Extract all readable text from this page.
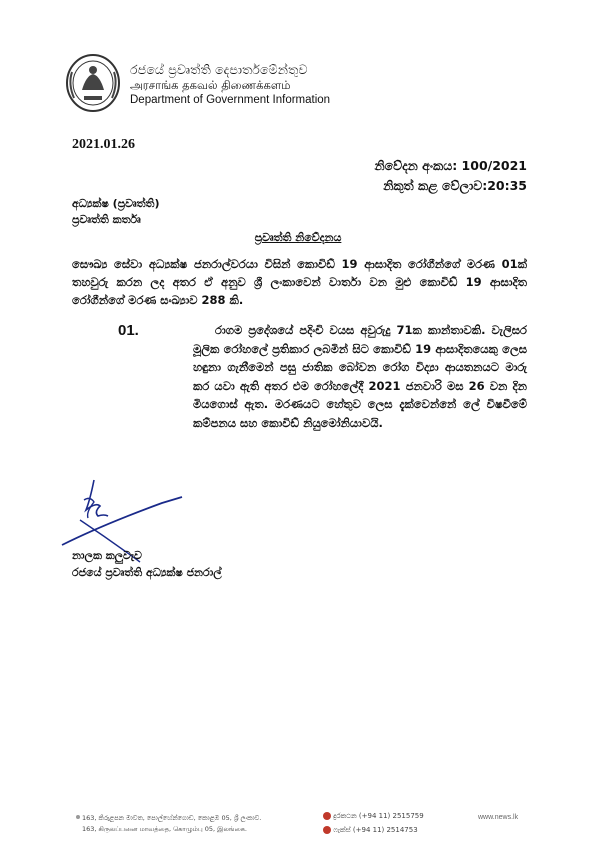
රජයේ ප්‍රවෘත්ති දෙපාර්තමේන්තුව
அரசாங்க தகவல் திணைக்களம்
Department of Government Information
2021.01.26
නිවේදන අංකය: 100/2021
නිකුත් කළ වේලාව:20:35
අධ්‍යක්ෂ (ප්‍රවෘත්ති)
ප්‍රවෘත්ති කර්තෘ
ප්‍රවෘත්ති නිවේදනය
සෞඛ්‍ය සේවා අධ්‍යක්ෂ ජනරාල්වරයා විසින් කොවිඩ් 19 ආසාදිත රෝගීන්ගේ මරණ 01ක් තහවුරු කරන ලද අතර ඒ අනුව ශ්‍රී ලංකාවෙන් වාර්තා වන මුළු කොවිඩ් 19 ආසාදිත රෝගීන්ගේ මරණ සංඛ්‍යාව 288 කි.
01.	රාගම ප්‍රදේශයේ පදිංචි වයස අවුරුදු 71ක කාන්තාවකි. වැලිසර මූලික රෝහලේ ප්‍රතිකාර ලබමින් සිට කොවිඩ් 19 ආසාදිතයෙකු ලෙස හඳුනා ගැනීමෙන් පසු ජාතික බෝවන රෝග විද්‍යා ආයතනයට මාරු කර යවා ඇති අතර එම රෝහලේදී 2021 ජනවාරි මස 26 වන දින මියගොස් ඇත. මරණයට හේතුව ලෙස දැක්වෙන්නේ ලේ විෂවීමේ කම්පනය සහ කොවිඩ් නියුමෝනියාවයි.
නාලක කලුවැව
රජයේ ප්‍රවෘත්ති අධ්‍යක්ෂ ජනරාල්
163, කිරුළපන මාවත, පොල්හේන්ගොඩ, කොළඹ 05, ශ්‍රී ලංකාව.
163, கிருலப்பனை மாவத்தை, கொழும்பு 05, இலங்கை.
දුරකථන (+94 11) 2515759
ෆැක්ස් (+94 11) 2514753
www.news.lk
